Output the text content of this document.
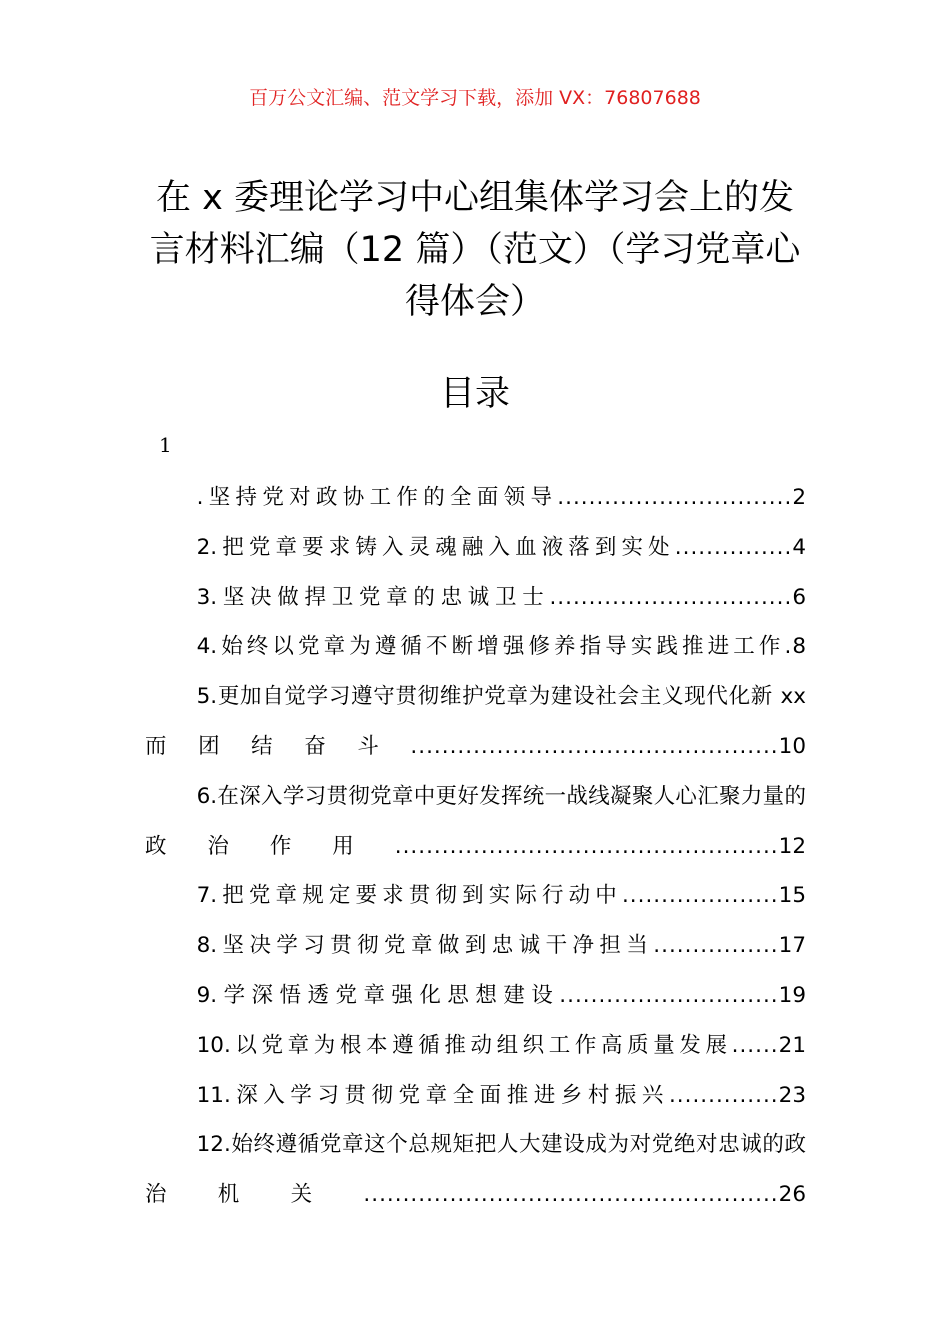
百万公文汇编、范文学习下载，添加 VX：76807688
在 x 委理论学习中心组集体学习会上的发言材料汇编（12 篇）（范文）（学习党章心得体会）
目录
1
.坚持党对政协工作的全面领导..............................2
2.把党章要求铸入灵魂融入血液落到实处...............4
3.坚决做捍卫党章的忠诚卫士...............................6
4.始终以党章为遵循不断增强修养指导实践推进工作.8
5.更加自觉学习遵守贯彻维护党章为建设社会主义现代化新 xx 而团结奋斗...............................................10
6.在深入学习贯彻党章中更好发挥统一战线凝聚人心汇聚力量的政治作用.................................................12
7.把党章规定要求贯彻到实际行动中....................15
8.坚决学习贯彻党章做到忠诚干净担当................17
9.学深悟透党章强化思想建设............................19
10.以党章为根本遵循推动组织工作高质量发展......21
11.深入学习贯彻党章全面推进乡村振兴..............23
12.始终遵循党章这个总规矩把人大建设成为对党绝对忠诚的政治机关.....................................................26
